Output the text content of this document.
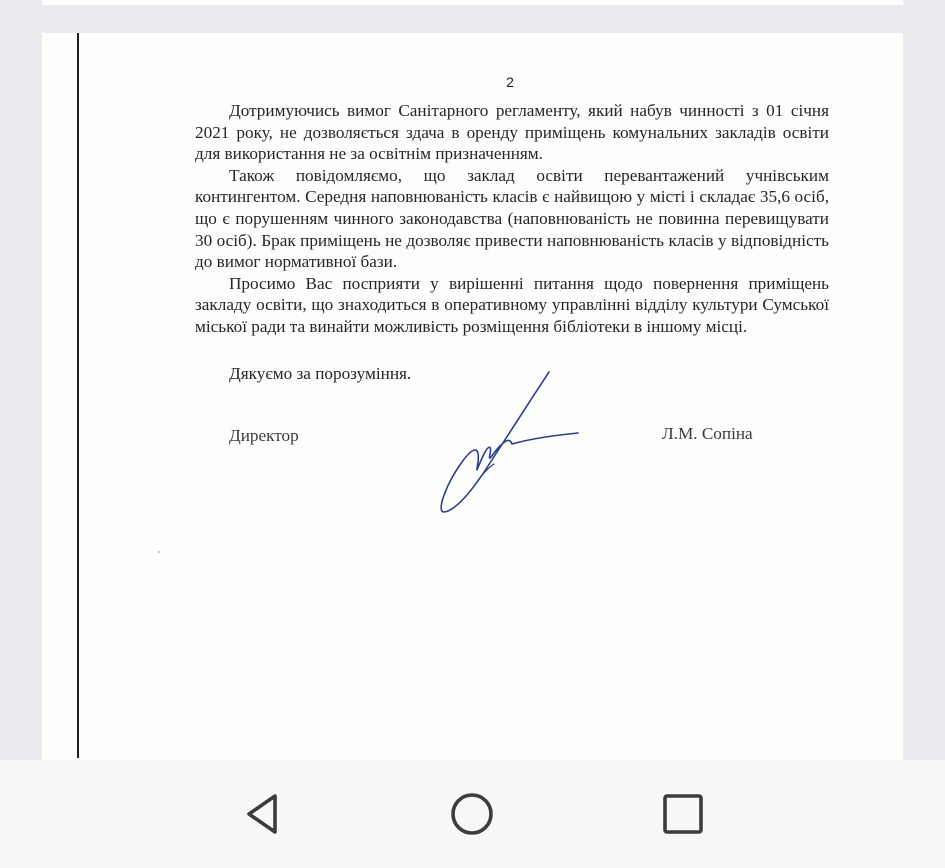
2

Дотримуючись вимог Санітарного регламенту, який набув чинності з 01 січня 2021 року, не дозволяється здача в оренду приміщень комунальних закладів освіти для використання не за освітнім призначенням.

Також повідомляємо, що заклад освіти перевантажений учнівським контингентом. Середня наповнюваність класів є найвищою у місті і складає 35,6 осіб, що є порушенням чинного законодавства (наповнюваність не повинна перевищувати 30 осіб). Брак приміщень не дозволяє привести наповнюваність класів у відповідність до вимог нормативної бази.

Просимо Вас посприяти у вирішенні питання щодо повернення приміщень закладу освіти, що знаходиться в оперативному управлінні відділу культури Сумської міської ради та винайти можливість розміщення бібліотеки в іншому місці.

Дякуємо за порозуміння.
Директор	Л.М. Сопіна
